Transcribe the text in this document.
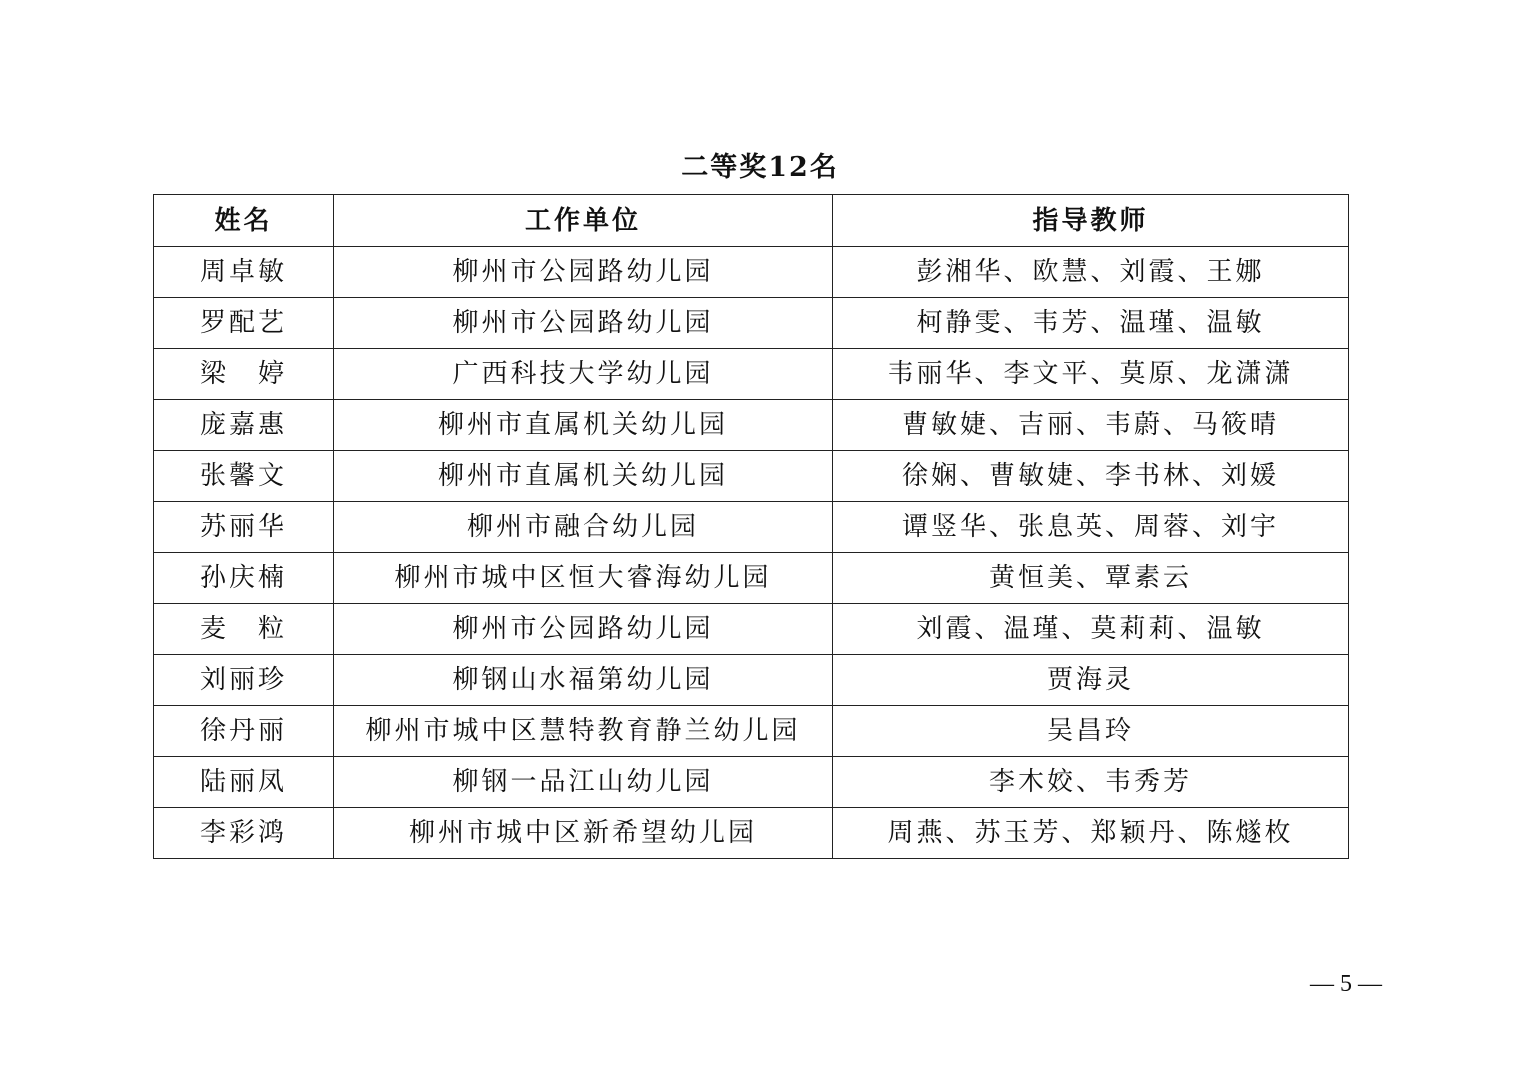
二等奖12名
姓名	工作单位	指导教师
周卓敏	柳州市公园路幼儿园	彭湘华、欧慧、刘霞、王娜
罗配艺	柳州市公园路幼儿园	柯静雯、韦芳、温瑾、温敏
梁　婷	广西科技大学幼儿园	韦丽华、李文平、莫原、龙潇潇
庞嘉惠	柳州市直属机关幼儿园	曹敏婕、吉丽、韦蔚、马筱晴
张馨文	柳州市直属机关幼儿园	徐娴、曹敏婕、李书林、刘媛
苏丽华	柳州市融合幼儿园	谭竖华、张息英、周蓉、刘宇
孙庆楠	柳州市城中区恒大睿海幼儿园	黄恒美、覃素云
麦　粒	柳州市公园路幼儿园	刘霞、温瑾、莫莉莉、温敏
刘丽珍	柳钢山水福第幼儿园	贾海灵
徐丹丽	柳州市城中区慧特教育静兰幼儿园	吴昌玲
陆丽凤	柳钢一品江山幼儿园	李木姣、韦秀芳
李彩鸿	柳州市城中区新希望幼儿园	周燕、苏玉芳、郑颖丹、陈燧枚
— 5 —
